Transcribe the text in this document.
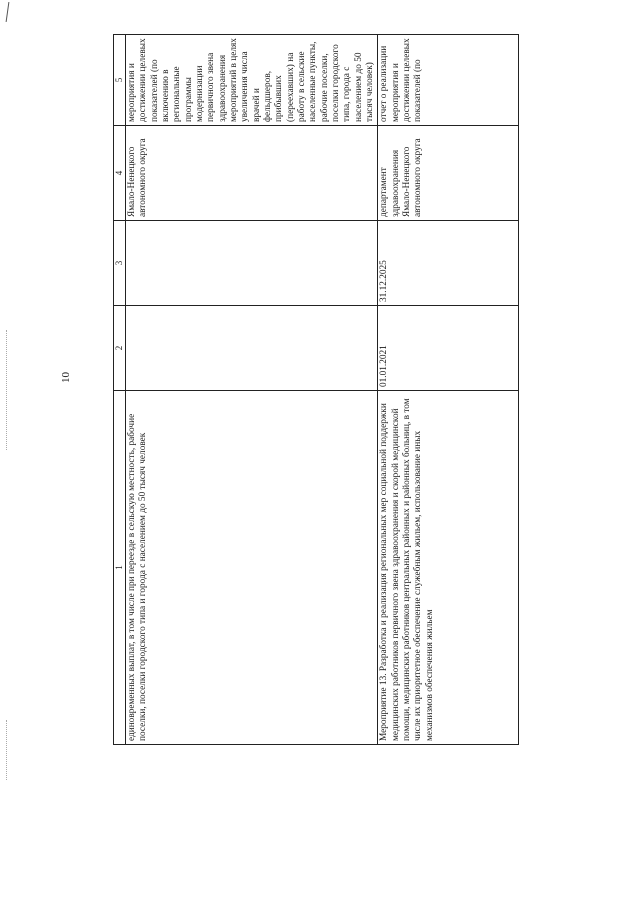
10
1	2	3	4	5
единовременных выплат, в том числе при переезде в сельскую местность, рабочие поселки, поселки городского типа и города с населением до 50 тысяч человек			Ямало-Ненецкого автономного округа	мероприятия и достижении целевых показателей (по включению в региональные программы модернизации первичного звена здравоохранения мероприятий в целях увеличения числа врачей и фельдшеров, прибывших (переехавших) на работу в сельские населенные пункты, рабочие поселки, поселки городского типа, города с населением до 50 тысяч человек)
Мероприятие 13. Разработка и реализация региональных мер социальной поддержки медицинских работников первичного звена здравоохранения и скорой медицинской помощи, медицинских работников центральных районных и районных больниц, в том числе их приоритетное обеспечение служебным жильем, использование иных механизмов обеспечения жильем	01.01.2021	31.12.2025	департамент здравоохранения Ямало-Ненецкого автономного округа	отчет о реализации мероприятия и достижении целевых показателей (по
